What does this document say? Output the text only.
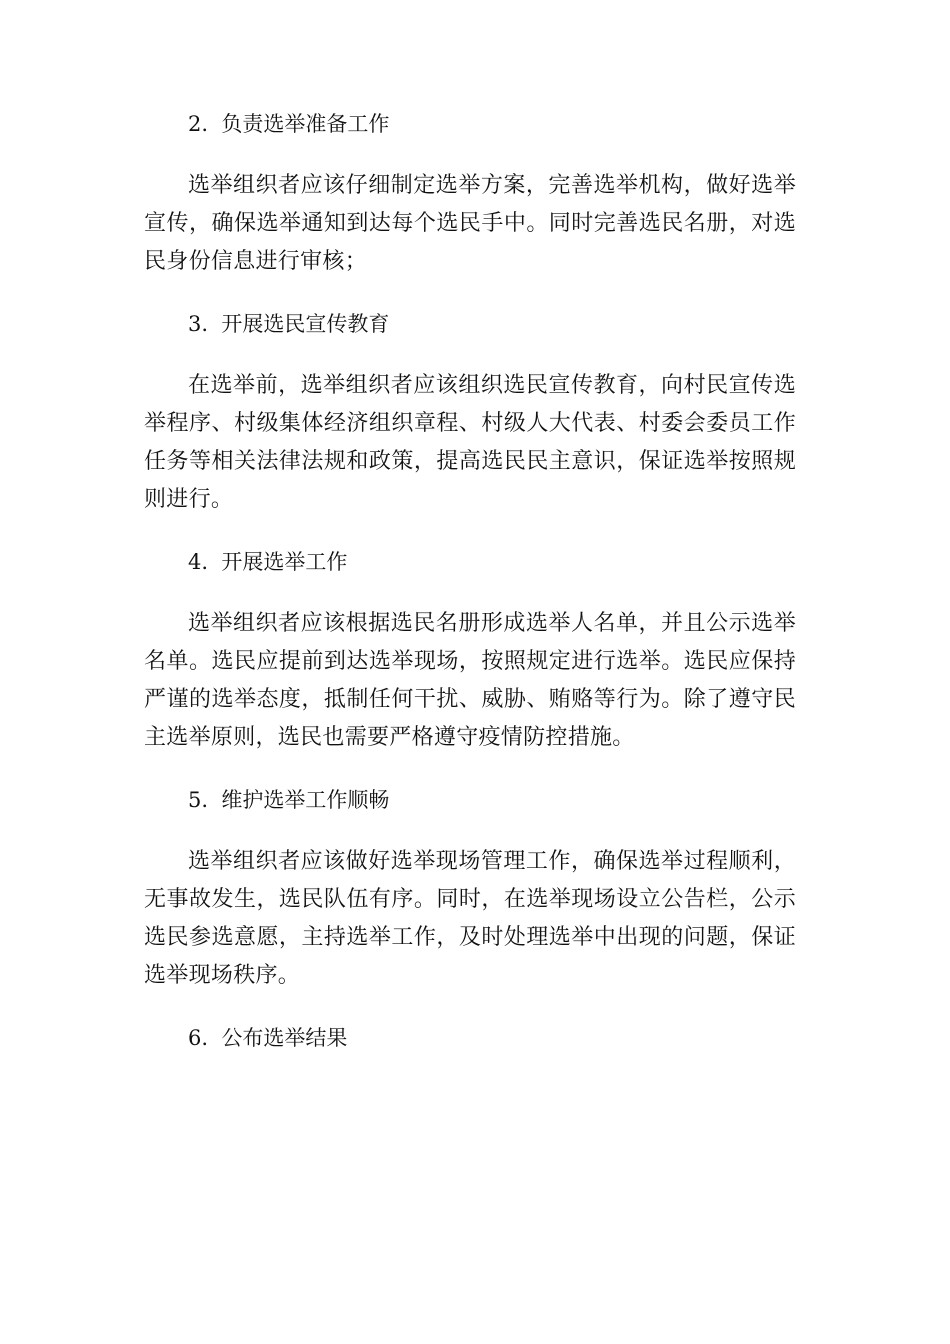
2.  负责选举准备工作

选举组织者应该仔细制定选举方案，完善选举机构，做好选举宣传，确保选举通知到达每个选民手中。同时完善选民名册，对选民身份信息进行审核；

3.  开展选民宣传教育

在选举前，选举组织者应该组织选民宣传教育，向村民宣传选举程序、村级集体经济组织章程、村级人大代表、村委会委员工作任务等相关法律法规和政策，提高选民民主意识，保证选举按照规则进行。

4.  开展选举工作

选举组织者应该根据选民名册形成选举人名单，并且公示选举名单。选民应提前到达选举现场，按照规定进行选举。选民应保持严谨的选举态度，抵制任何干扰、威胁、贿赂等行为。除了遵守民主选举原则，选民也需要严格遵守疫情防控措施。

5.  维护选举工作顺畅

选举组织者应该做好选举现场管理工作，确保选举过程顺利，无事故发生，选民队伍有序。同时，在选举现场设立公告栏，公示选民参选意愿，主持选举工作，及时处理选举中出现的问题，保证选举现场秩序。

6.  公布选举结果
